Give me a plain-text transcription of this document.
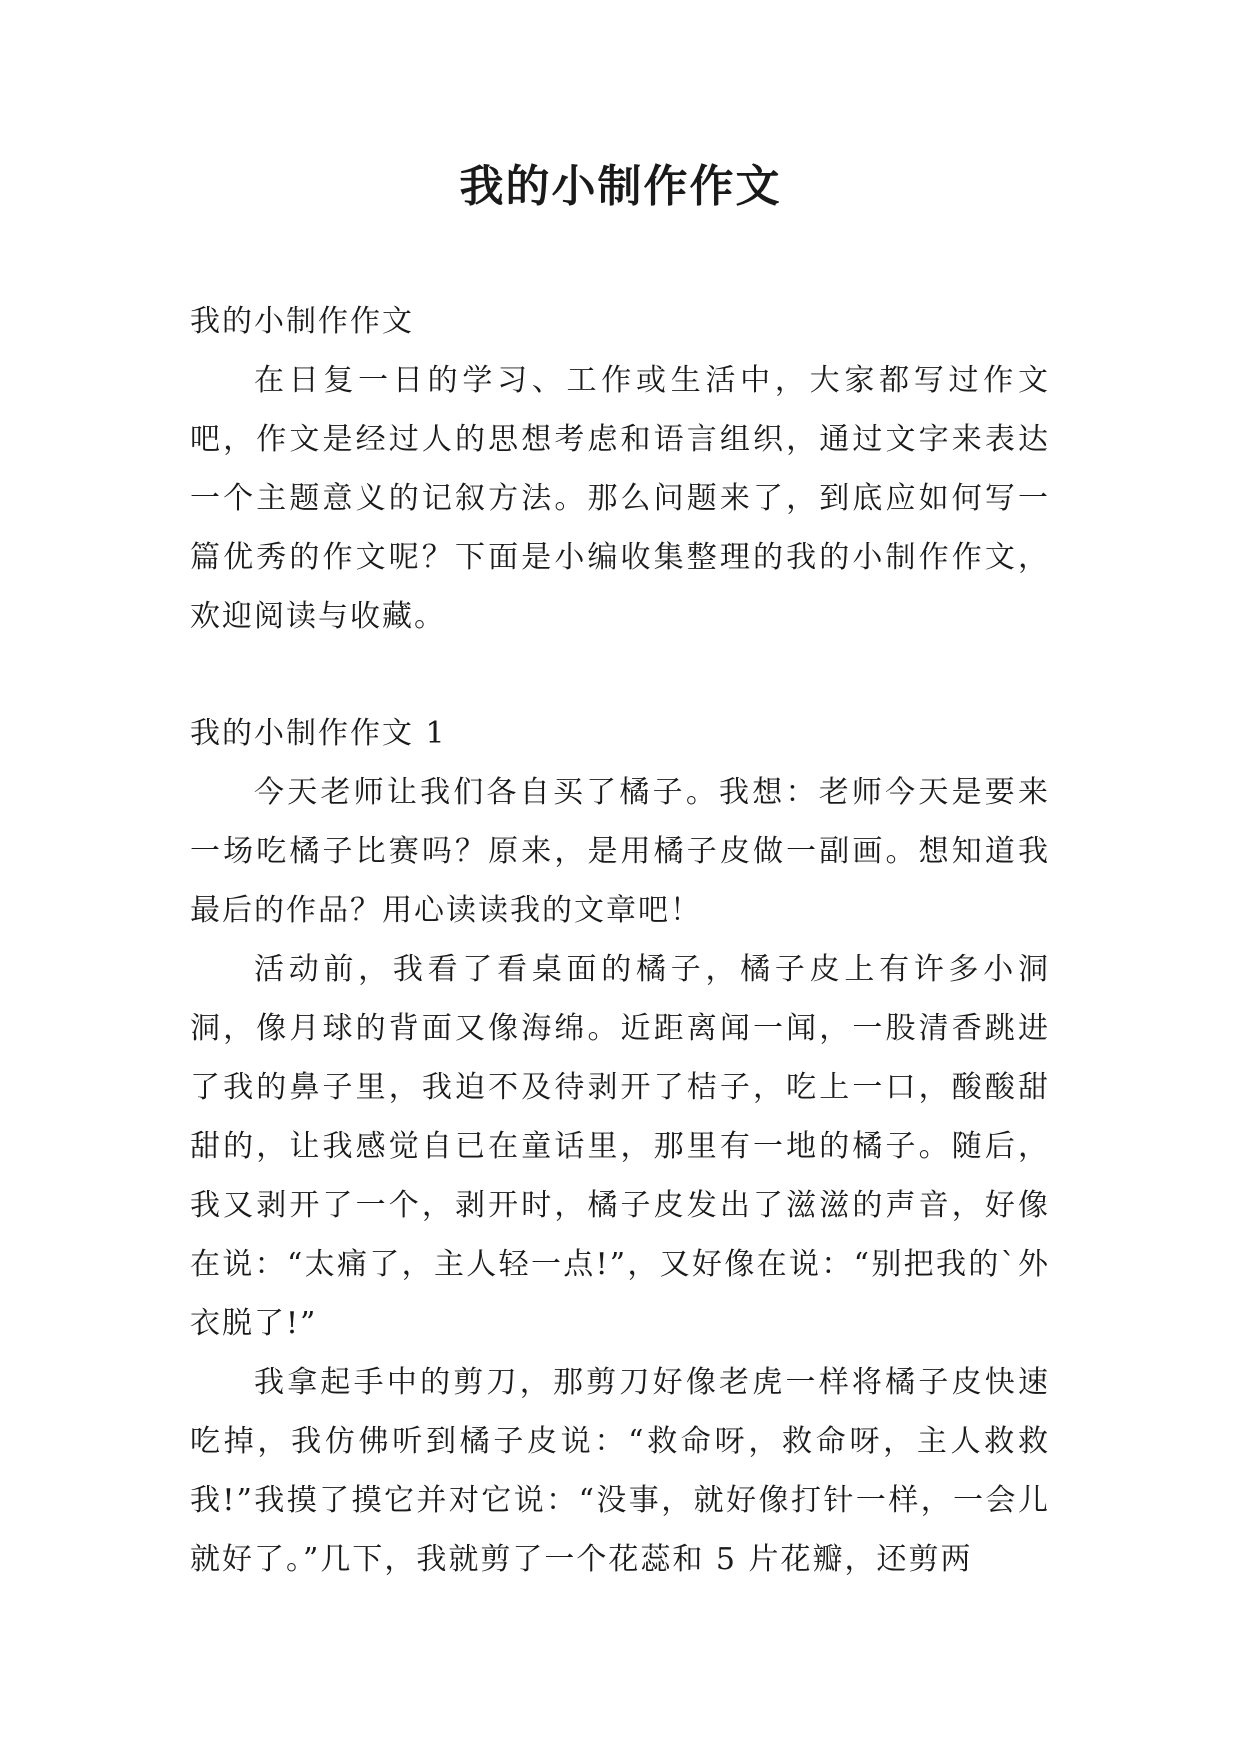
我的小制作作文

我的小制作作文

在日复一日的学习、工作或生活中，大家都写过作文吧，作文是经过人的思想考虑和语言组织，通过文字来表达一个主题意义的记叙方法。那么问题来了，到底应如何写一篇优秀的作文呢？下面是小编收集整理的我的小制作作文，欢迎阅读与收藏。

我的小制作作文 1

今天老师让我们各自买了橘子。我想：老师今天是要来一场吃橘子比赛吗？原来，是用橘子皮做一副画。想知道我最后的作品？用心读读我的文章吧！

活动前，我看了看桌面的橘子，橘子皮上有许多小洞洞，像月球的背面又像海绵。近距离闻一闻，一股清香跳进了我的鼻子里，我迫不及待剥开了桔子，吃上一口，酸酸甜甜的，让我感觉自已在童话里，那里有一地的橘子。随后，我又剥开了一个，剥开时，橘子皮发出了滋滋的声音，好像在说：“太痛了，主人轻一点!”，又好像在说：“别把我的`外衣脱了!”

我拿起手中的剪刀，那剪刀好像老虎一样将橘子皮快速吃掉，我仿佛听到橘子皮说：“救命呀，救命呀，主人救救我!”我摸了摸它并对它说：“没事，就好像打针一样，一会儿就好了。”几下，我就剪了一个花蕊和 5 片花瓣，还剪两
